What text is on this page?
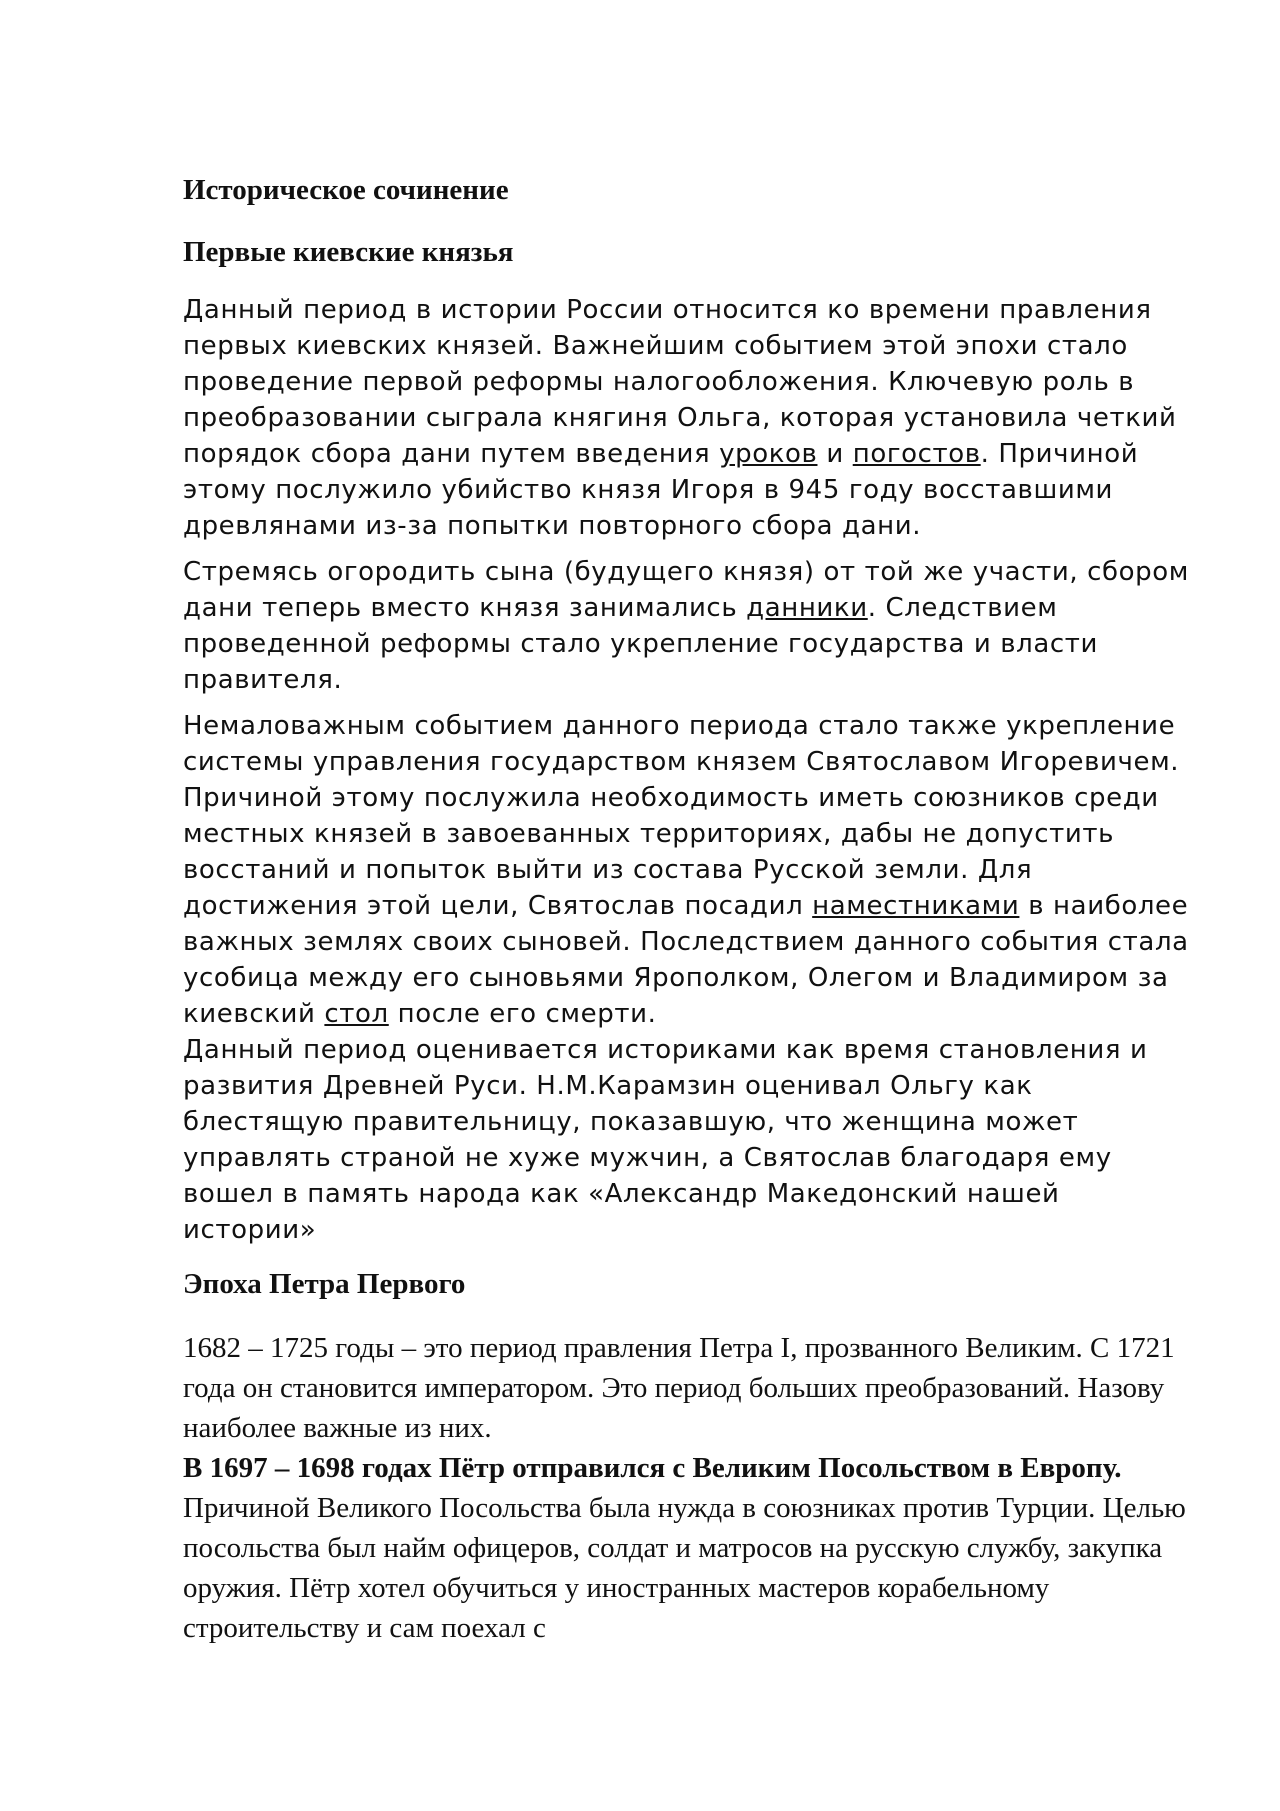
Историческое сочинение
Первые киевские князья

Данный период в истории России относится ко времени правления первых киевских князей. Важнейшим событием этой эпохи стало проведение первой реформы налогообложения. Ключевую роль в преобразовании сыграла княгиня Ольга, которая установила четкий порядок сбора дани путем введения уроков и погостов. Причиной этому послужило убийство князя Игоря в 945 году восставшими древлянами из-за попытки повторного сбора дани.

Стремясь огородить сына (будущего князя) от той же участи, сбором дани теперь вместо князя занимались данники. Следствием проведенной реформы стало укрепление государства и власти правителя.

Немаловажным событием данного периода стало также укрепление системы управления государством князем Святославом Игоревичем. Причиной этому послужила необходимость иметь союзников среди местных князей в завоеванных территориях, дабы не допустить восстаний и попыток выйти из состава Русской земли. Для достижения этой цели, Святослав посадил наместниками в наиболее важных землях своих сыновей. Последствием данного события стала усобица между его сыновьями Ярополком, Олегом и Владимиром за киевский стол после его смерти.

Данный период оценивается историками как время становления и развития Древней Руси. Н.М.Карамзин оценивал Ольгу как блестящую правительницу, показавшую, что женщина может управлять страной не хуже мужчин, а Святослав благодаря ему вошел в память народа как «Александр Македонский нашей истории»

Эпоха Петра Первого

1682 – 1725 годы – это период правления Петра I, прозванного Великим. С 1721 года он становится императором. Это период больших преобразований. Назову наиболее важные из них.

В 1697 – 1698 годах Пётр отправился с Великим Посольством в Европу. Причиной Великого Посольства была нужда в союзниках против Турции. Целью посольства был найм офицеров, солдат и матросов на русскую службу, закупка оружия. Пётр хотел обучиться у иностранных мастеров корабельному строительству и сам поехал с
